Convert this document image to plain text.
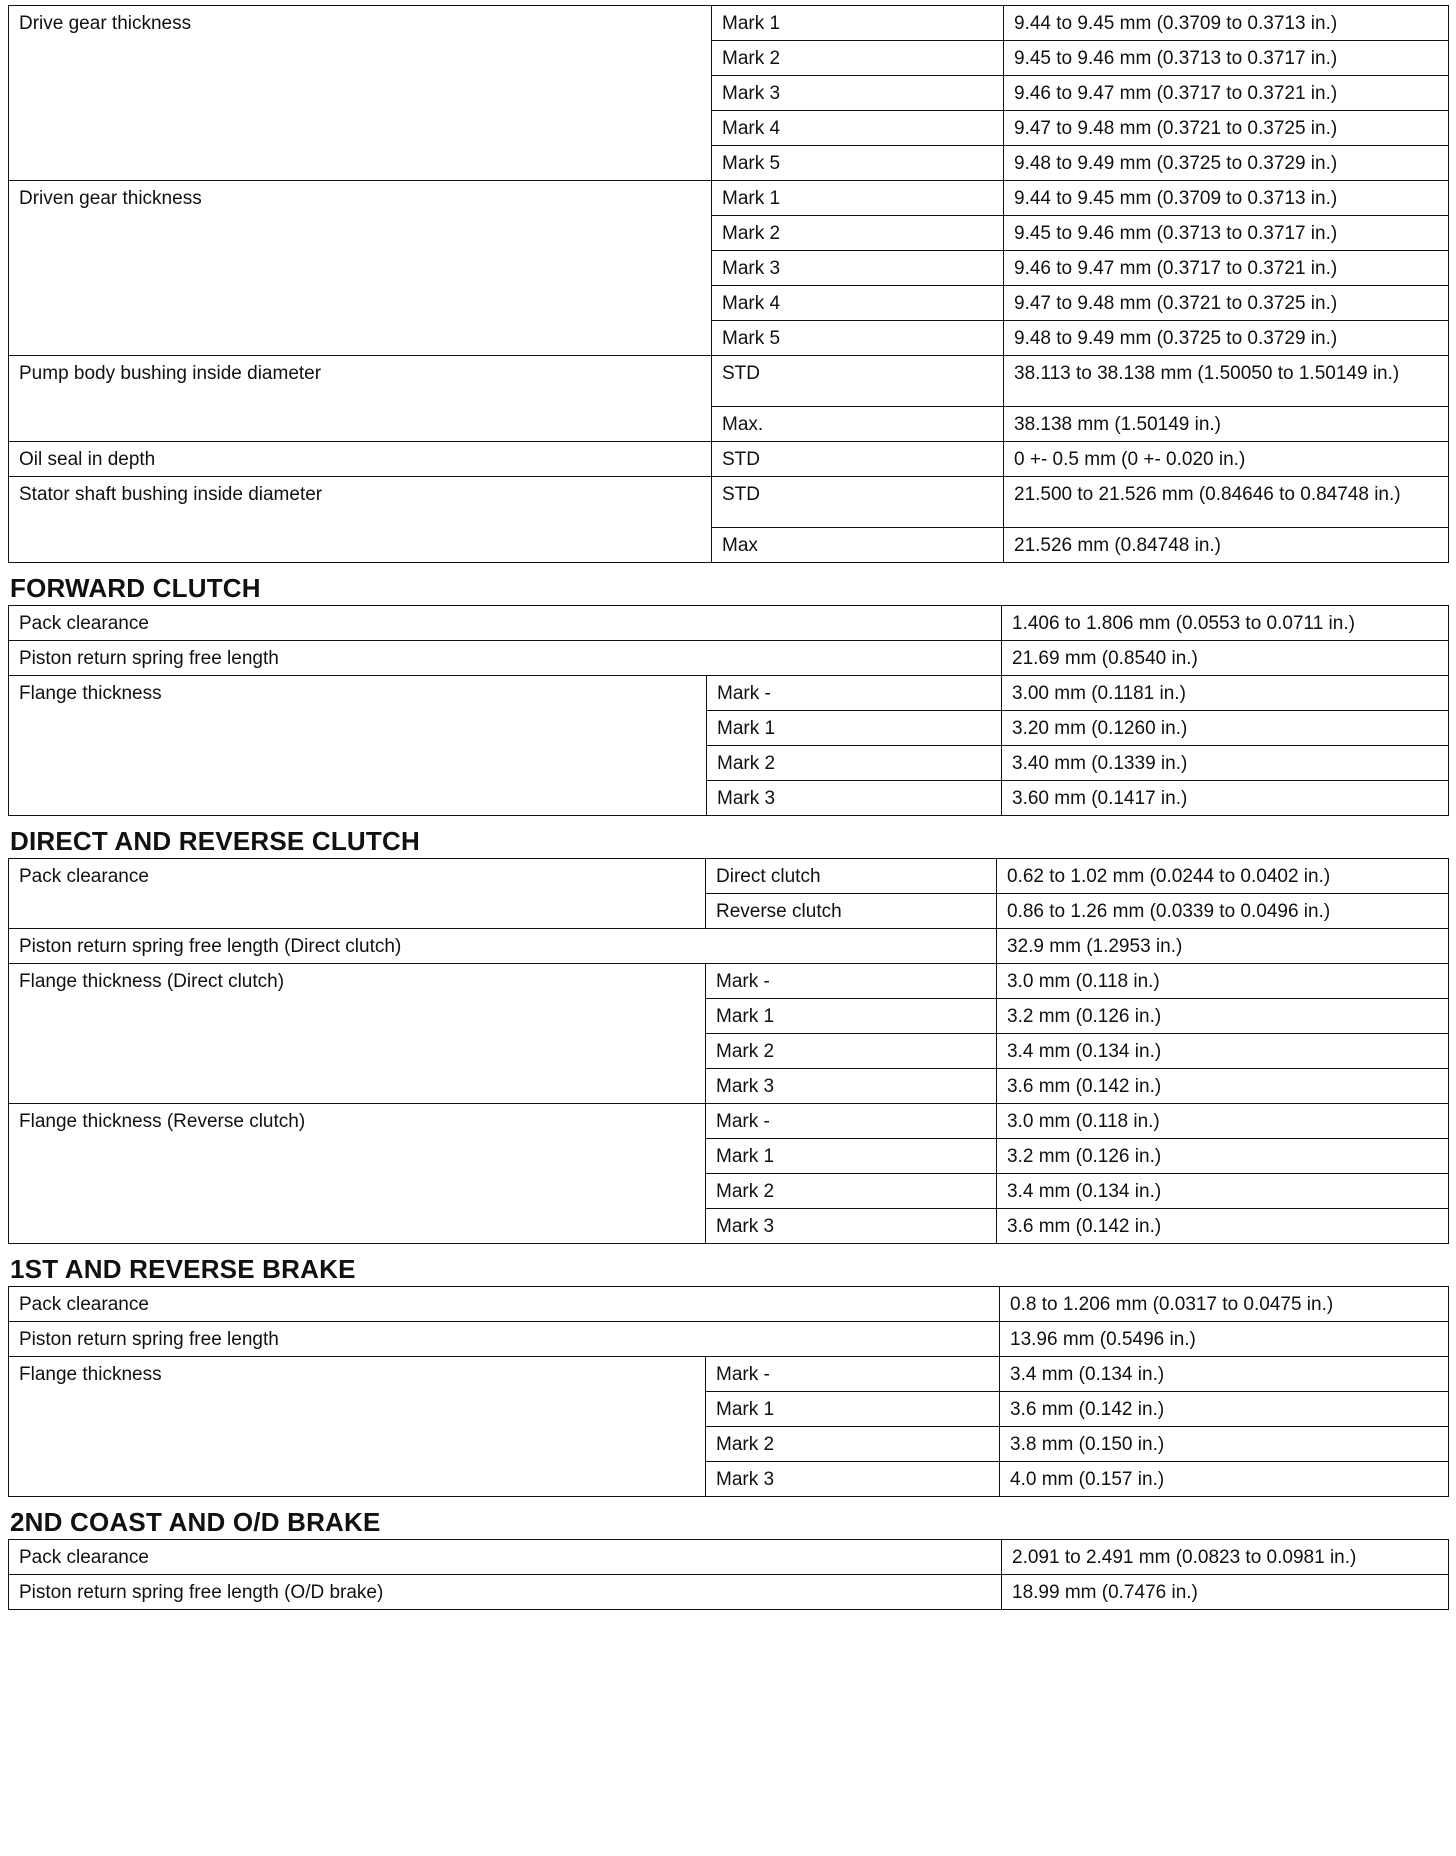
Drive gear thickness	Mark 1	9.44 to 9.45 mm (0.3709 to 0.3713 in.)
	Mark 2	9.45 to 9.46 mm (0.3713 to 0.3717 in.)
	Mark 3	9.46 to 9.47 mm (0.3717 to 0.3721 in.)
	Mark 4	9.47 to 9.48 mm (0.3721 to 0.3725 in.)
	Mark 5	9.48 to 9.49 mm (0.3725 to 0.3729 in.)
Driven gear thickness	Mark 1	9.44 to 9.45 mm (0.3709 to 0.3713 in.)
	Mark 2	9.45 to 9.46 mm (0.3713 to 0.3717 in.)
	Mark 3	9.46 to 9.47 mm (0.3717 to 0.3721 in.)
	Mark 4	9.47 to 9.48 mm (0.3721 to 0.3725 in.)
	Mark 5	9.48 to 9.49 mm (0.3725 to 0.3729 in.)
Pump body bushing inside diameter	STD	38.113 to 38.138 mm (1.50050 to 1.50149 in.)
	Max.	38.138 mm (1.50149 in.)
Oil seal in depth	STD	0 +- 0.5 mm (0 +- 0.020 in.)
Stator shaft bushing inside diameter	STD	21.500 to 21.526 mm (0.84646 to 0.84748 in.)
	Max	21.526 mm (0.84748 in.)
FORWARD CLUTCH
Pack clearance		1.406 to 1.806 mm (0.0553 to 0.0711 in.)
Piston return spring free length		21.69 mm (0.8540 in.)
Flange thickness	Mark -	3.00 mm (0.1181 in.)
	Mark 1	3.20 mm (0.1260 in.)
	Mark 2	3.40 mm (0.1339 in.)
	Mark 3	3.60 mm (0.1417 in.)
DIRECT AND REVERSE CLUTCH
Pack clearance	Direct clutch	0.62 to 1.02 mm (0.0244 to 0.0402 in.)
	Reverse clutch	0.86 to 1.26 mm (0.0339 to 0.0496 in.)
Piston return spring free length (Direct clutch)		32.9 mm (1.2953 in.)
Flange thickness (Direct clutch)	Mark -	3.0 mm (0.118 in.)
	Mark 1	3.2 mm (0.126 in.)
	Mark 2	3.4 mm (0.134 in.)
	Mark 3	3.6 mm (0.142 in.)
Flange thickness (Reverse clutch)	Mark -	3.0 mm (0.118 in.)
	Mark 1	3.2 mm (0.126 in.)
	Mark 2	3.4 mm (0.134 in.)
	Mark 3	3.6 mm (0.142 in.)
1ST AND REVERSE BRAKE
Pack clearance		0.8 to 1.206 mm (0.0317 to 0.0475 in.)
Piston return spring free length		13.96 mm (0.5496 in.)
Flange thickness	Mark -	3.4 mm (0.134 in.)
	Mark 1	3.6 mm (0.142 in.)
	Mark 2	3.8 mm (0.150 in.)
	Mark 3	4.0 mm (0.157 in.)
2ND COAST AND O/D BRAKE
Pack clearance	2.091 to 2.491 mm (0.0823 to 0.0981 in.)
Piston return spring free length (O/D brake)	18.99 mm (0.7476 in.)
